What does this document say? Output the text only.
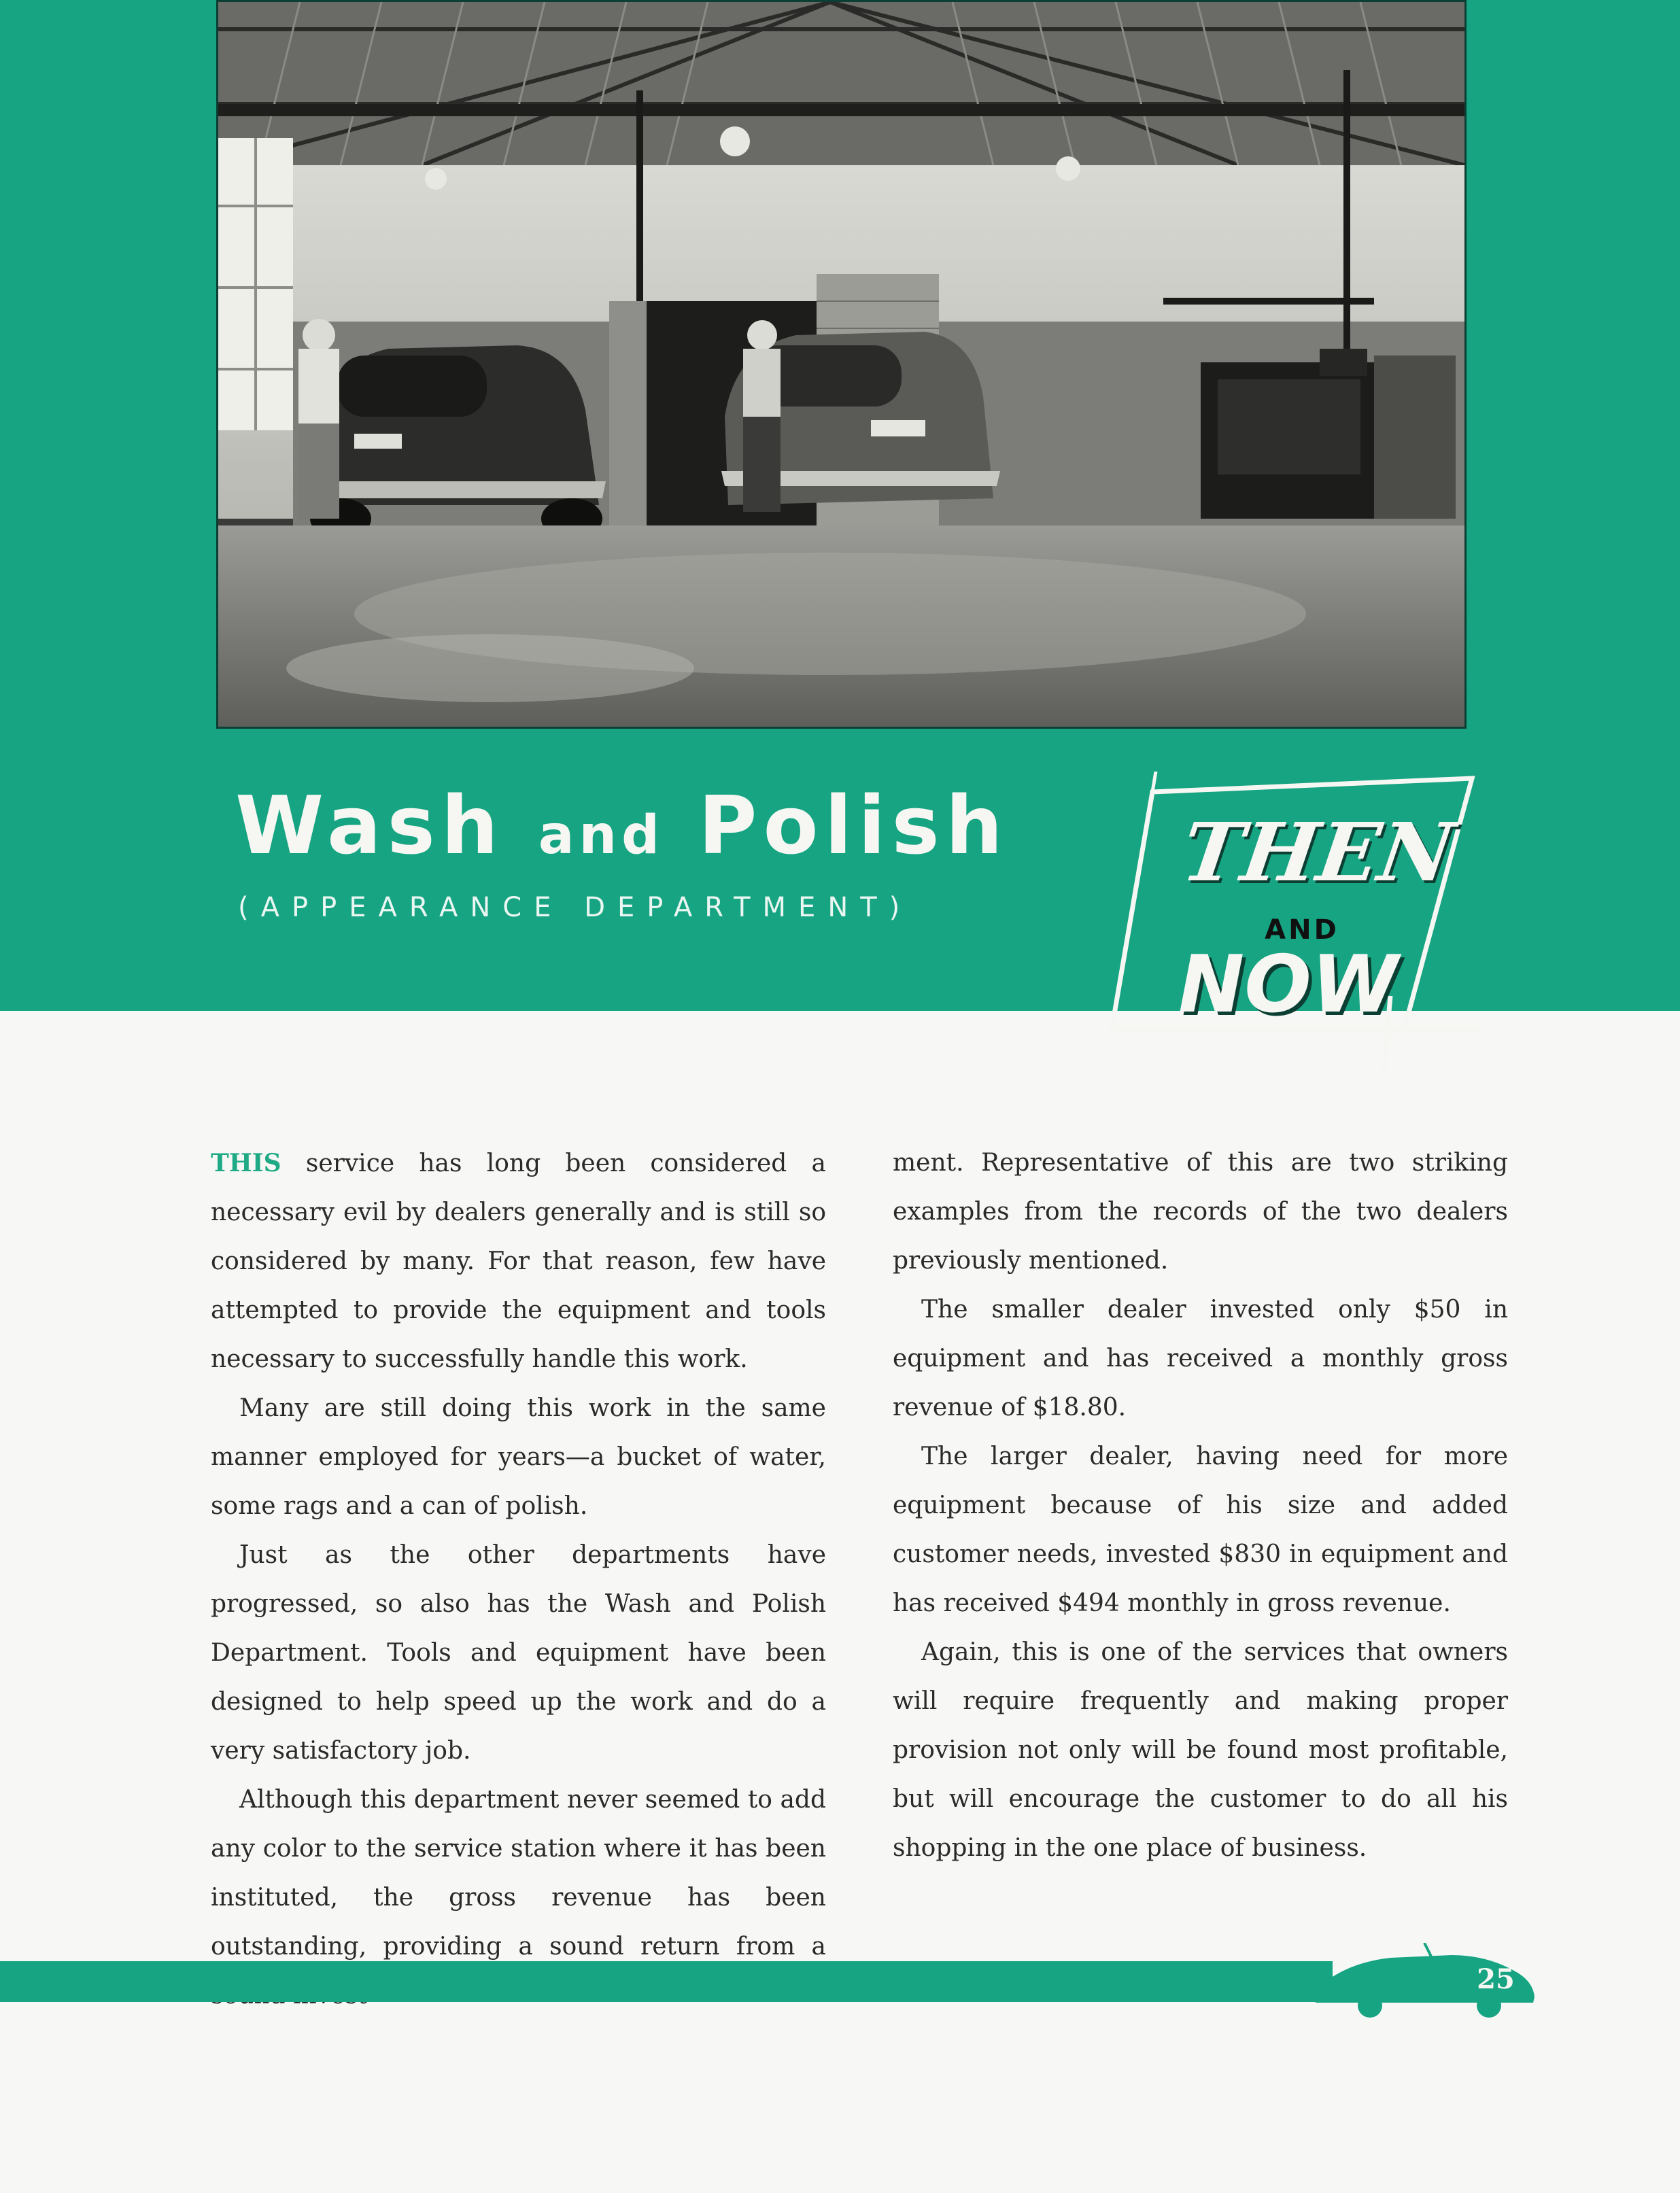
Wash and Polish
(APPEARANCE DEPARTMENT)
THEN
AND
NOW

THIS service has long been considered a necessary evil by dealers generally and is still so considered by many. For that reason, few have attempted to provide the equipment and tools necessary to successfully handle this work.

Many are still doing this work in the same manner employed for years—a bucket of water, some rags and a can of polish.

Just as the other departments have progressed, so also has the Wash and Polish Department. Tools and equipment have been designed to help speed up the work and do a very satisfactory job.

Although this department never seemed to add any color to the service station where it has been instituted, the gross revenue has been outstanding, providing a sound return from a

ment. Representative of this are two striking examples from the records of the two dealers previously mentioned.

The smaller dealer invested only $50 in equipment and has received a monthly gross revenue of $18.80.

The larger dealer, having need for more equipment because of his size and added customer needs, invested $830 in equipment and has received $494 monthly in gross revenue.

Again, this is one of the services that owners will require frequently and making proper provision not only will be found most profitable, but will encourage the customer to do all his shopping in the one place of business.

25
